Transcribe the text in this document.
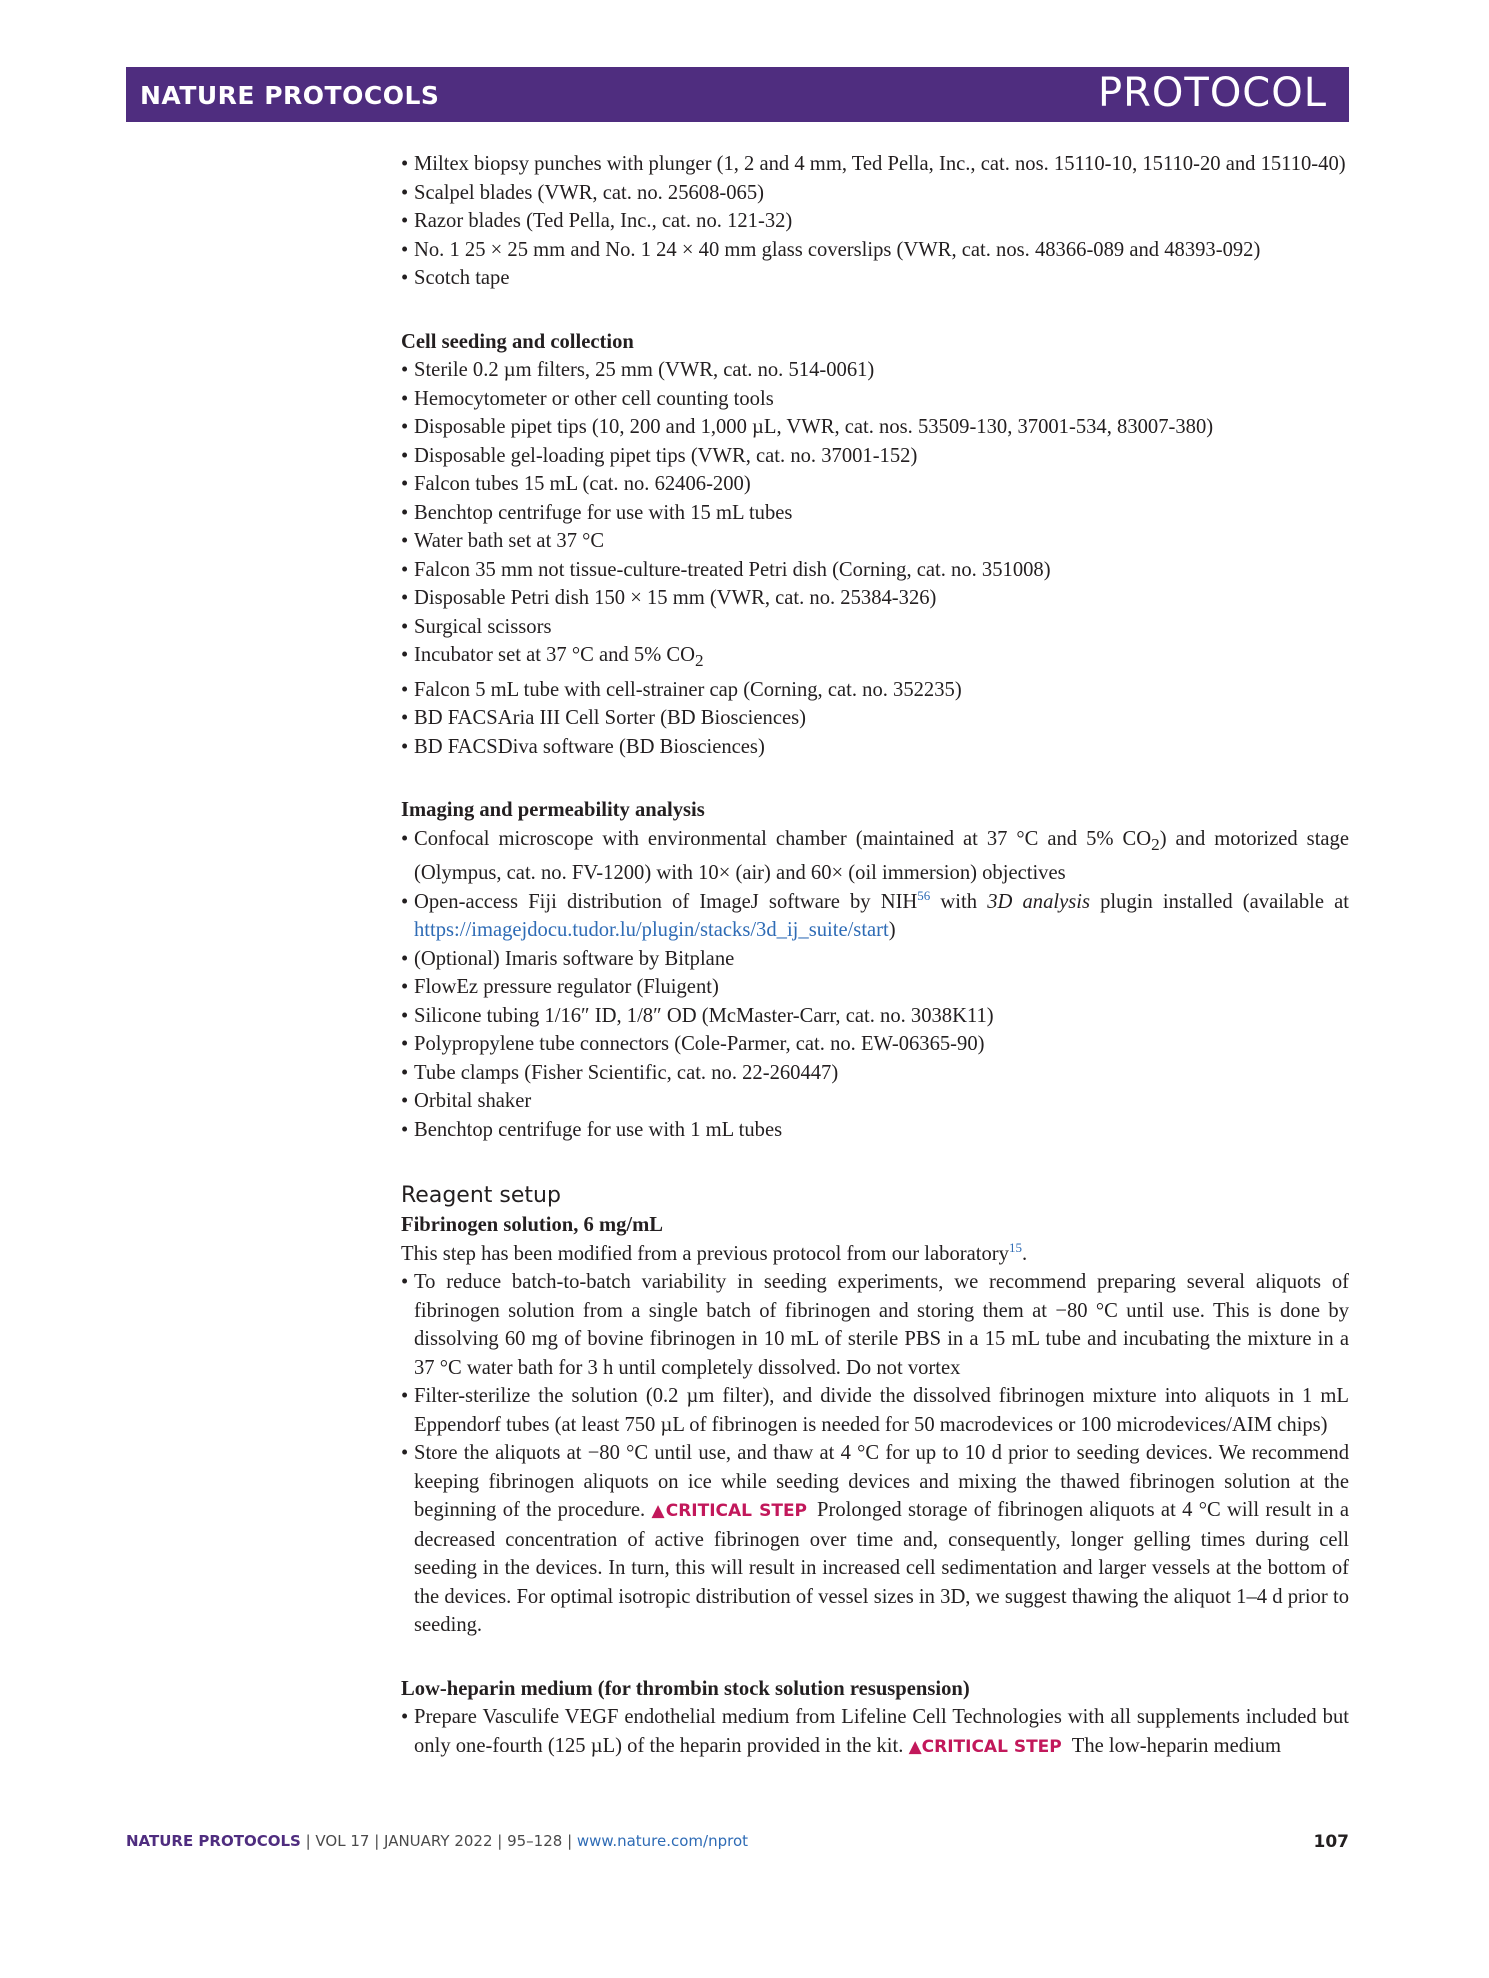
NATURE PROTOCOLS	PROTOCOL
• Miltex biopsy punches with plunger (1, 2 and 4 mm, Ted Pella, Inc., cat. nos. 15110-10, 15110-20 and 15110-40)
• Scalpel blades (VWR, cat. no. 25608-065)
• Razor blades (Ted Pella, Inc., cat. no. 121-32)
• No. 1 25 × 25 mm and No. 1 24 × 40 mm glass coverslips (VWR, cat. nos. 48366-089 and 48393-092)
• Scotch tape
Cell seeding and collection
• Sterile 0.2 µm filters, 25 mm (VWR, cat. no. 514-0061)
• Hemocytometer or other cell counting tools
• Disposable pipet tips (10, 200 and 1,000 µL, VWR, cat. nos. 53509-130, 37001-534, 83007-380)
• Disposable gel-loading pipet tips (VWR, cat. no. 37001-152)
• Falcon tubes 15 mL (cat. no. 62406-200)
• Benchtop centrifuge for use with 15 mL tubes
• Water bath set at 37 °C
• Falcon 35 mm not tissue-culture-treated Petri dish (Corning, cat. no. 351008)
• Disposable Petri dish 150 × 15 mm (VWR, cat. no. 25384-326)
• Surgical scissors
• Incubator set at 37 °C and 5% $CO_2$
• Falcon 5 mL tube with cell-strainer cap (Corning, cat. no. 352235)
• BD FACSAria III Cell Sorter (BD Biosciences)
• BD FACSDiva software (BD Biosciences)
Imaging and permeability analysis
• Confocal microscope with environmental chamber (maintained at 37 °C and 5% $CO_2$) and motorized stage (Olympus, cat. no. FV-1200) with 10× (air) and 60× (oil immersion) objectives
• Open-access Fiji distribution of ImageJ software by NIH$^{56}$ with 3D analysis plugin installed (available at https://imagejdocu.tudor.lu/plugin/stacks/3d_ij_suite/start)
• (Optional) Imaris software by Bitplane
• FlowEz pressure regulator (Fluigent)
• Silicone tubing 1/16″ ID, 1/8″ OD (McMaster-Carr, cat. no. 3038K11)
• Polypropylene tube connectors (Cole-Parmer, cat. no. EW-06365-90)
• Tube clamps (Fisher Scientific, cat. no. 22-260447)
• Orbital shaker
• Benchtop centrifuge for use with 1 mL tubes
Reagent setup
Fibrinogen solution, 6 mg/mL

This step has been modified from a previous protocol from our laboratory$^{15}$.

• To reduce batch-to-batch variability in seeding experiments, we recommend preparing several aliquots of fibrinogen solution from a single batch of fibrinogen and storing them at −80 °C until use. This is done by dissolving 60 mg of bovine fibrinogen in 10 mL of sterile PBS in a 15 mL tube and incubating the mixture in a 37 °C water bath for 3 h until completely dissolved. Do not vortex
• Filter-sterilize the solution (0.2 µm filter), and divide the dissolved fibrinogen mixture into aliquots in 1 mL Eppendorf tubes (at least 750 µL of fibrinogen is needed for 50 macrodevices or 100 microdevices/AIM chips)
• Store the aliquots at −80 °C until use, and thaw at 4 °C for up to 10 d prior to seeding devices. We recommend keeping fibrinogen aliquots on ice while seeding devices and mixing the thawed fibrinogen solution at the beginning of the procedure. ▲CRITICAL STEP Prolonged storage of fibrinogen aliquots at 4 °C will result in a decreased concentration of active fibrinogen over time and, consequently, longer gelling times during cell seeding in the devices. In turn, this will result in increased cell sedimentation and larger vessels at the bottom of the devices. For optimal isotropic distribution of vessel sizes in 3D, we suggest thawing the aliquot 1–4 d prior to seeding.
Low-heparin medium (for thrombin stock solution resuspension)
• Prepare Vasculife VEGF endothelial medium from Lifeline Cell Technologies with all supplements included but only one-fourth (125 µL) of the heparin provided in the kit. ▲CRITICAL STEP The low-heparin medium
NATURE PROTOCOLS | VOL 17 | JANUARY 2022 | 95–128 | www.nature.com/nprot	107
